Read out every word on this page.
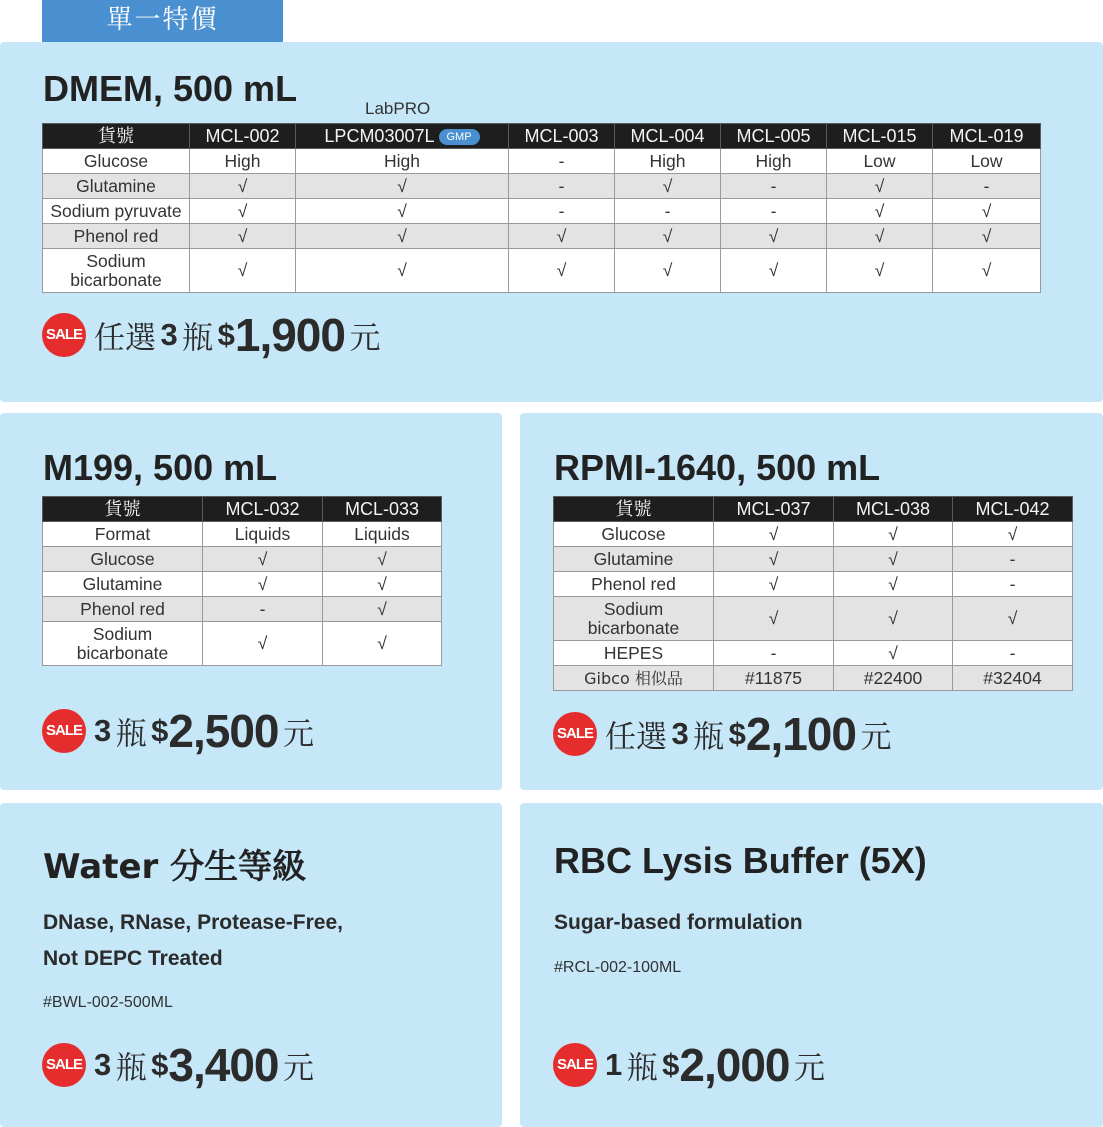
單一特價
DMEM, 500 mL	LabPRO
貨號	MCL-002	LPCM03007L GMP	MCL-003	MCL-004	MCL-005	MCL-015	MCL-019
Glucose	High	High	-	High	High	Low	Low
Glutamine	√	√	-	√	-	√	-
Sodium pyruvate	√	√	-	-	-	√	√
Phenol red	√	√	√	√	√	√	√
Sodium bicarbonate	√	√	√	√	√	√	√
SALE 任選 3 瓶 $1,900 元
M199, 500 mL
貨號	MCL-032	MCL-033
Format	Liquids	Liquids
Glucose	√	√
Glutamine	√	√
Phenol red	-	√
Sodium bicarbonate	√	√
SALE 3 瓶 $2,500 元
RPMI-1640, 500 mL
貨號	MCL-037	MCL-038	MCL-042
Glucose	√	√	√
Glutamine	√	√	-
Phenol red	√	√	-
Sodium bicarbonate	√	√	√
HEPES	-	√	-
Gibco 相似品	#11875	#22400	#32404
SALE 任選 3 瓶 $2,100 元
Water 分生等級
DNase, RNase, Protease-Free,
Not DEPC Treated
#BWL-002-500ML
SALE 3 瓶 $3,400 元
RBC Lysis Buffer (5X)
Sugar-based formulation
#RCL-002-100ML
SALE 1 瓶 $2,000 元
